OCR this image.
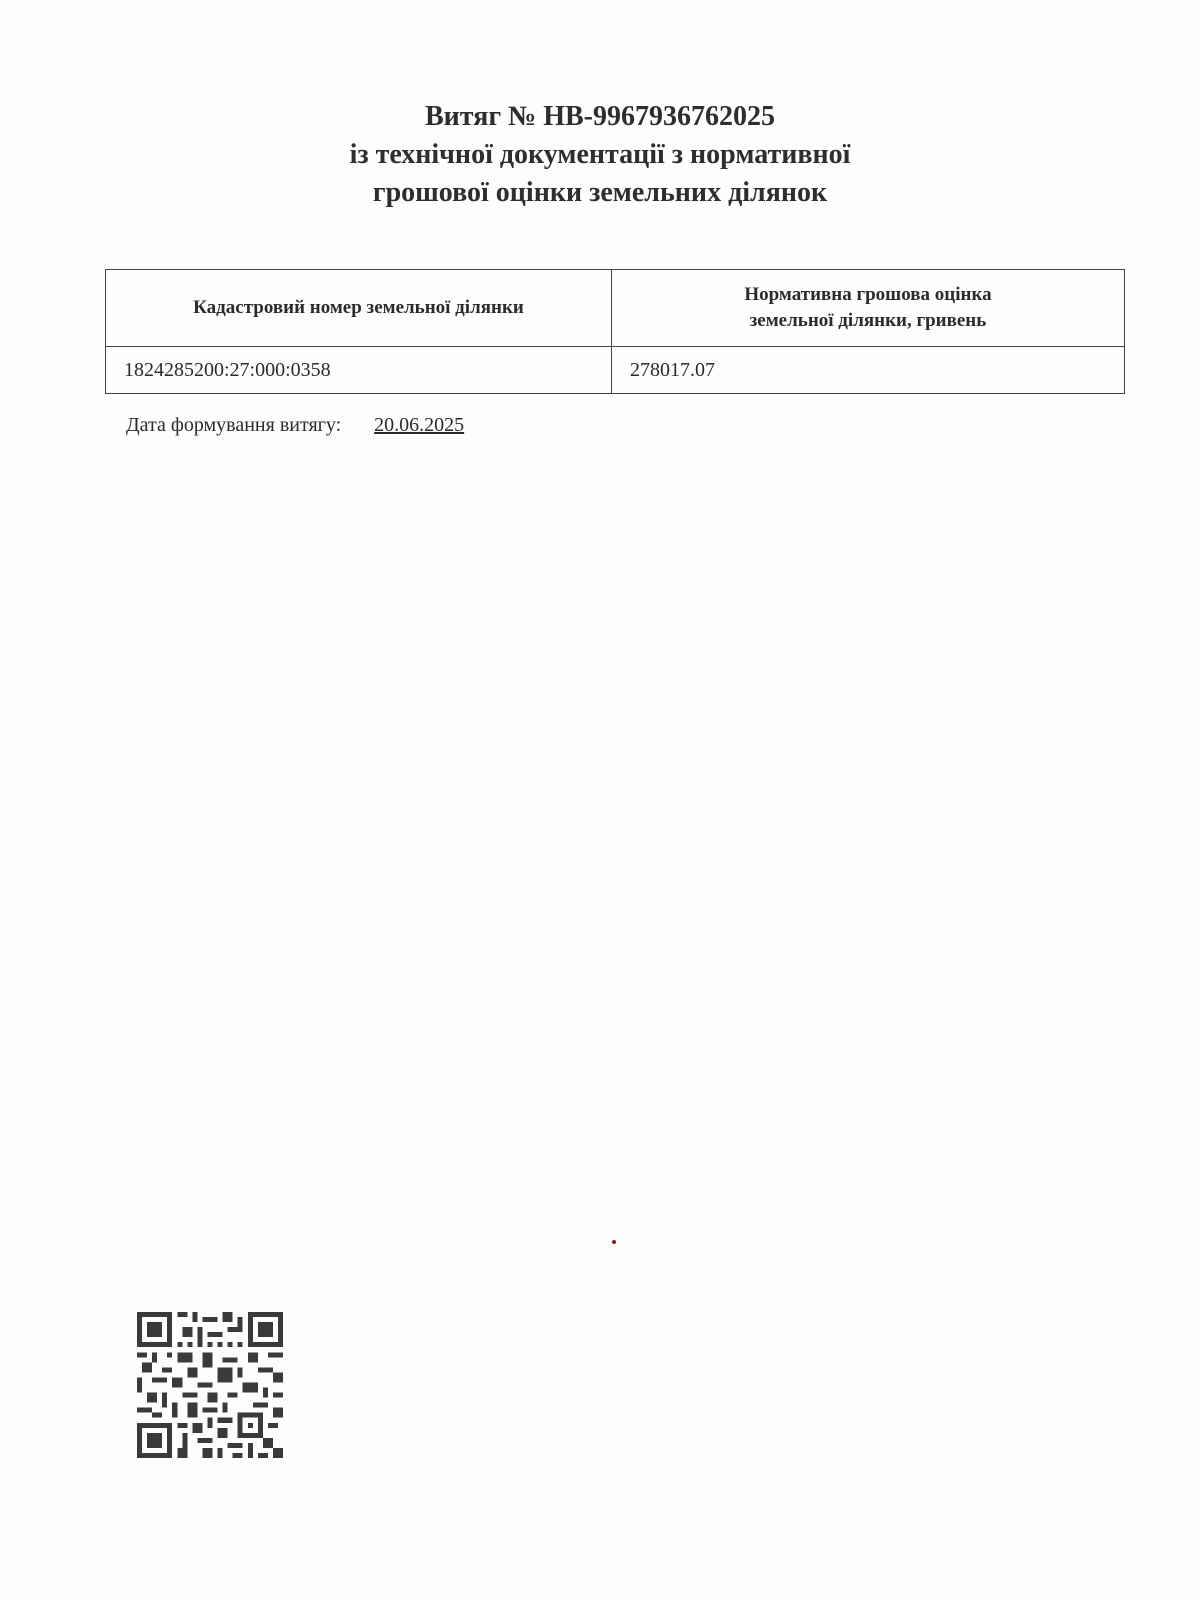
Витяг № НВ-9967936762025
із технічної документації з нормативної
грошової оцінки земельних ділянок
Кадастровий номер земельної ділянки	Нормативна грошова оцінка
земельної ділянки, гривень

1824285200:27:000:0358	278017.07
Дата формування витягу: 20.06.2025
